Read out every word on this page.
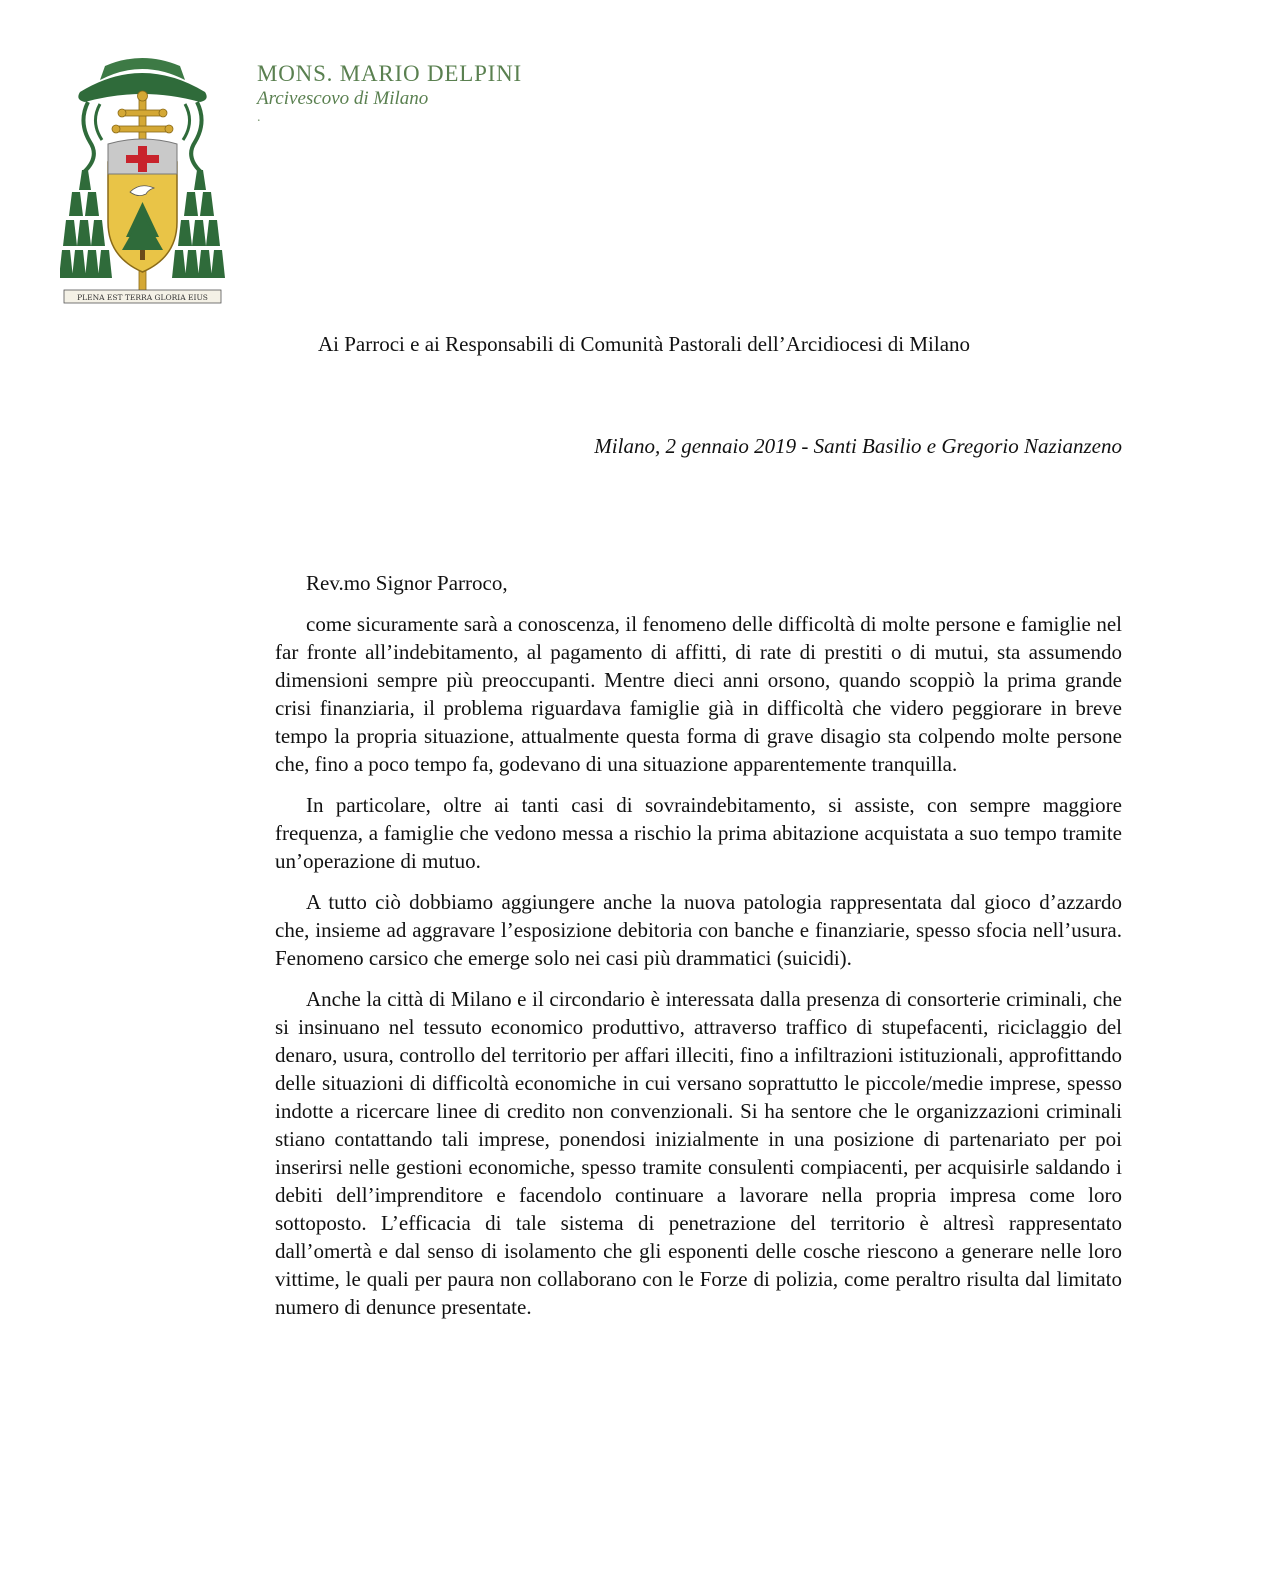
PLENA EST TERRA GLORIA EIUS
MONS. MARIO DELPINI
Arcivescovo di Milano
.
Ai Parroci e ai Responsabili di Comunità Pastorali dell’Arcidiocesi di Milano
Milano, 2 gennaio 2019 - Santi Basilio e Gregorio Nazianzeno
Rev.mo Signor Parroco,

come sicuramente sarà a conoscenza, il fenomeno delle difficoltà di molte persone e famiglie nel far fronte all’indebitamento, al pagamento di affitti, di rate di prestiti o di mutui, sta assumendo dimensioni sempre più preoccupanti. Mentre dieci anni orsono, quando scoppiò la prima grande crisi finanziaria, il problema riguardava famiglie già in difficoltà che videro peggiorare in breve tempo la propria situazione, attualmente questa forma di grave disagio sta colpendo molte persone che, fino a poco tempo fa, godevano di una situazione apparentemente tranquilla.

In particolare, oltre ai tanti casi di sovraindebitamento, si assiste, con sempre maggiore frequenza, a famiglie che vedono messa a rischio la prima abitazione acquistata a suo tempo tramite un’operazione di mutuo.

A tutto ciò dobbiamo aggiungere anche la nuova patologia rappresentata dal gioco d’azzardo che, insieme ad aggravare l’esposizione debitoria con banche e finanziarie, spesso sfocia nell’usura. Fenomeno carsico che emerge solo nei casi più drammatici (suicidi).

Anche la città di Milano e il circondario è interessata dalla presenza di consorterie criminali, che si insinuano nel tessuto economico produttivo, attraverso traffico di stupefacenti, riciclaggio del denaro, usura, controllo del territorio per affari illeciti, fino a infiltrazioni istituzionali, approfittando delle situazioni di difficoltà economiche in cui versano soprattutto le piccole/medie imprese, spesso indotte a ricercare linee di credito non convenzionali. Si ha sentore che le organizzazioni criminali stiano contattando tali imprese, ponendosi inizialmente in una posizione di partenariato per poi inserirsi nelle gestioni economiche, spesso tramite consulenti compiacenti, per acquisirle saldando i debiti dell’imprenditore e facendolo continuare a lavorare nella propria impresa come loro sottoposto. L’efficacia di tale sistema di penetrazione del territorio è altresì rappresentato dall’omertà e dal senso di isolamento che gli esponenti delle cosche riescono a generare nelle loro vittime, le quali per paura non collaborano con le Forze di polizia, come peraltro risulta dal limitato numero di denunce presentate.
